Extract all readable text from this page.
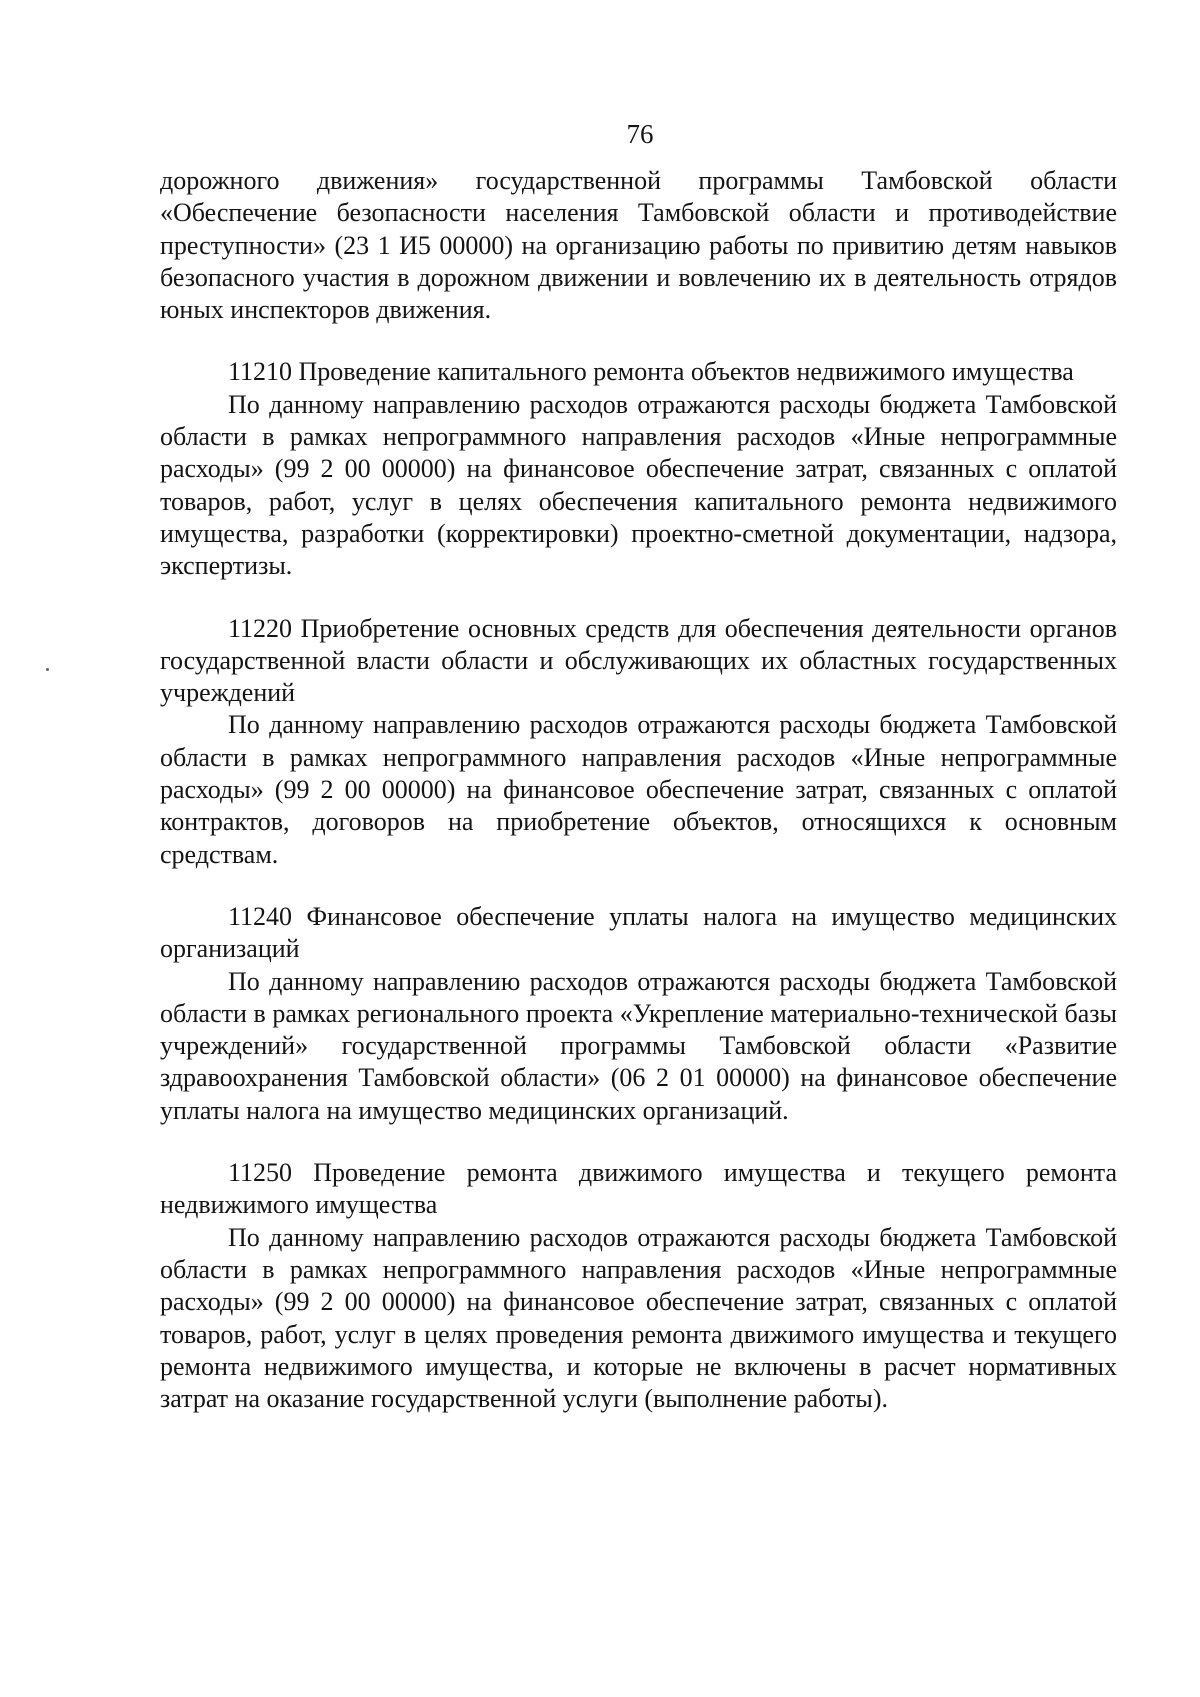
76

дорожного движения» государственной программы Тамбовской области «Обеспечение безопасности населения Тамбовской области и противодействие преступности» (23 1 И5 00000) на организацию работы по привитию детям навыков безопасного участия в дорожном движении и вовлечению их в деятельность отрядов юных инспекторов движения.

11210 Проведение капитального ремонта объектов недвижимого имущества

По данному направлению расходов отражаются расходы бюджета Тамбовской области в рамках непрограммного направления расходов «Иные непрограммные расходы» (99 2 00 00000) на финансовое обеспечение затрат, связанных с оплатой товаров, работ, услуг в целях обеспечения капитального ремонта недвижимого имущества, разработки (корректировки) проектно-сметной документации, надзора, экспертизы.

11220 Приобретение основных средств для обеспечения деятельности органов государственной власти области и обслуживающих их областных государственных учреждений

По данному направлению расходов отражаются расходы бюджета Тамбовской области в рамках непрограммного направления расходов «Иные непрограммные расходы» (99 2 00 00000) на финансовое обеспечение затрат, связанных с оплатой контрактов, договоров на приобретение объектов, относящихся к основным средствам.

11240 Финансовое обеспечение уплаты налога на имущество медицинских организаций

По данному направлению расходов отражаются расходы бюджета Тамбовской области в рамках регионального проекта «Укрепление материально-технической базы учреждений» государственной программы Тамбовской области «Развитие здравоохранения Тамбовской области» (06 2 01 00000) на финансовое обеспечение уплаты налога на имущество медицинских организаций.

11250 Проведение ремонта движимого имущества и текущего ремонта недвижимого имущества

По данному направлению расходов отражаются расходы бюджета Тамбовской области в рамках непрограммного направления расходов «Иные непрограммные расходы» (99 2 00 00000) на финансовое обеспечение затрат, связанных с оплатой товаров, работ, услуг в целях проведения ремонта движимого имущества и текущего ремонта недвижимого имущества, и которые не включены в расчет нормативных затрат на оказание государственной услуги (выполнение работы).
